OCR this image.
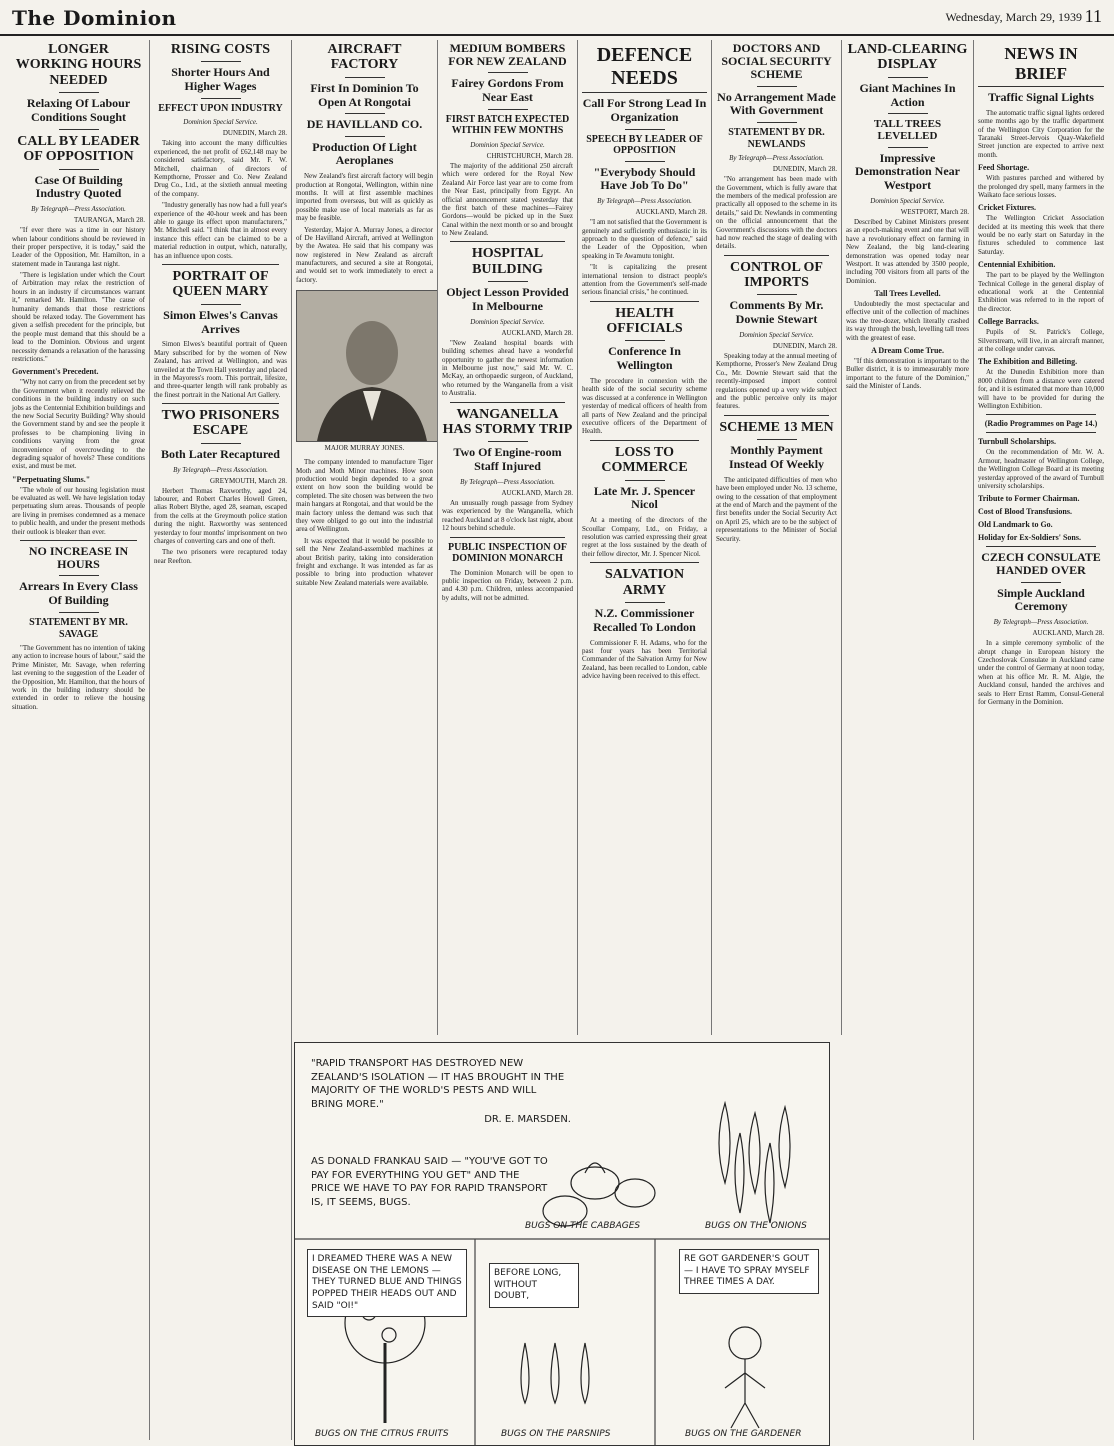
The Dominion	Wednesday, March 29, 1939 11
LONGER WORKING HOURS NEEDED
Relaxing Of Labour Conditions Sought
CALL BY LEADER OF OPPOSITION
Case Of Building Industry Quoted
By Telegraph—Press Association.
TAURANGA, March 28.

"If ever there was a time in our history when labour conditions should be reviewed in their proper perspective, it is today," said the Leader of the Opposition, Mr. Hamilton, in a statement made in Tauranga last night.

"There is legislation under which the Court of Arbitration may relax the restriction of hours in an industry if circumstances warrant it," remarked Mr. Hamilton. "The cause of humanity demands that those restrictions should be relaxed today. The Government has given a selfish precedent for the principle, but the people must demand that this should be a lead to the Dominion. Obvious and urgent necessity demands a relaxation of the harassing restrictions."

Government's Precedent.

"Why not carry on from the precedent set by the Government when it recently relieved the conditions in the building industry on such jobs as the Centennial Exhibition buildings and the new Social Security Building? Why should the Government stand by and see the people it professes to be championing living in conditions varying from the great inconvenience of overcrowding to the degrading squalor of hovels? These conditions exist, and must be met.

"Perpetuating Slums."

"The whole of our housing legislation must be evaluated as well. We have legislation today perpetuating slum areas. Thousands of people are living in premises condemned as a menace to public health, and under the present methods their outlook is bleaker than ever.

NO INCREASE IN HOURS
Arrears In Every Class Of Building
STATEMENT BY MR. SAVAGE

"The Government has no intention of taking any action to increase hours of labour," said the Prime Minister, Mr. Savage, when referring last evening to the suggestion of the Leader of the Opposition, Mr. Hamilton, that the hours of work in the building industry should be extended in order to relieve the housing situation.

RISING COSTS
Shorter Hours And Higher Wages
EFFECT UPON INDUSTRY
Dominion Special Service.
DUNEDIN, March 28.

Taking into account the many difficulties experienced, the net profit of £62,148 may be considered satisfactory, said Mr. F. W. Mitchell, chairman of directors of Kempthorne, Prosser and Co. New Zealand Drug Co., Ltd., at the sixtieth annual meeting of the company.

"Industry generally has now had a full year's experience of the 40-hour week and has been able to gauge its effect upon manufacturers," Mr. Mitchell said. "I think that in almost every instance this effect can be claimed to be a material reduction in output, which, naturally, has an influence upon costs.

PORTRAIT OF QUEEN MARY
Simon Elwes's Canvas Arrives

Simon Elwes's beautiful portrait of Queen Mary subscribed for by the women of New Zealand, has arrived at Wellington, and was unveiled at the Town Hall yesterday and placed in the Mayoress's room. This portrait, lifesize, and three-quarter length will rank probably as the finest portrait in the National Art Gallery.

TWO PRISONERS ESCAPE
Both Later Recaptured
By Telegraph—Press Association.
GREYMOUTH, March 28.

Herbert Thomas Raxworthy, aged 24, labourer, and Robert Charles Howell Green, alias Robert Blythe, aged 28, seaman, escaped from the cells at the Greymouth police station during the night. Raxworthy was sentenced yesterday to four months' imprisonment on two charges of converting cars and one of theft.

The two prisoners were recaptured today near Reefton.

AIRCRAFT FACTORY
First In Dominion To Open At Rongotai
DE HAVILLAND CO.
Production Of Light Aeroplanes

New Zealand's first aircraft factory will begin production at Rongotai, Wellington, within nine months. It will at first assemble machines imported from overseas, but will as quickly as possible make use of local materials as far as may be feasible.

Yesterday, Major A. Murray Jones, a director of De Havilland Aircraft, arrived at Wellington by the Awatea. He said that his company was now registered in New Zealand as aircraft manufacturers, and secured a site at Rongotai, and would set to work immediately to erect a factory.

MAJOR MURRAY JONES.

The company intended to manufacture Tiger Moth and Moth Minor machines. How soon production would begin depended to a great extent on how soon the building would be completed. The site chosen was between the two main hangars at Rongotai, and that would be the main factory unless the demand was such that they were obliged to go out into the industrial area of Wellington.

It was expected that it would be possible to sell the New Zealand-assembled machines at about British parity, taking into consideration freight and exchange. It was intended as far as possible to bring into production whatever suitable New Zealand materials were available.

MEDIUM BOMBERS FOR NEW ZEALAND
Fairey Gordons From Near East
FIRST BATCH EXPECTED WITHIN FEW MONTHS
Dominion Special Service.
CHRISTCHURCH, March 28.

The majority of the additional 250 aircraft which were ordered for the Royal New Zealand Air Force last year are to come from the Near East, principally from Egypt. An official announcement stated yesterday that the first batch of these machines—Fairey Gordons—would be picked up in the Suez Canal within the next month or so and brought to New Zealand.

HOSPITAL BUILDING
Object Lesson Provided In Melbourne
Dominion Special Service.
AUCKLAND, March 28.

"New Zealand hospital boards with building schemes ahead have a wonderful opportunity to gather the newest information in Melbourne just now," said Mr. W. C. McKay, an orthopaedic surgeon, of Auckland, who returned by the Wanganella from a visit to Australia.

WANGANELLA HAS STORMY TRIP
Two Of Engine-room Staff Injured
By Telegraph—Press Association.
AUCKLAND, March 28.

An unusually rough passage from Sydney was experienced by the Wanganella, which reached Auckland at 8 o'clock last night, about 12 hours behind schedule.

PUBLIC INSPECTION OF DOMINION MONARCH

The Dominion Monarch will be open to public inspection on Friday, between 2 p.m. and 4.30 p.m. Children, unless accompanied by adults, will not be admitted.

DEFENCE NEEDS
Call For Strong Lead In Organization
SPEECH BY LEADER OF OPPOSITION
"Everybody Should Have Job To Do"
By Telegraph—Press Association.
AUCKLAND, March 28.

"I am not satisfied that the Government is genuinely and sufficiently enthusiastic in its approach to the question of defence," said the Leader of the Opposition, when speaking in Te Awamutu tonight.

"It is capitalizing the present international tension to distract people's attention from the Government's self-made serious financial crisis," he continued.

HEALTH OFFICIALS
Conference In Wellington

The procedure in connexion with the health side of the social security scheme was discussed at a conference in Wellington yesterday of medical officers of health from all parts of New Zealand and the principal executive officers of the Department of Health.

LOSS TO COMMERCE
Late Mr. J. Spencer Nicol

At a meeting of the directors of the Scoullar Company, Ltd., on Friday, a resolution was carried expressing their great regret at the loss sustained by the death of their fellow director, Mr. J. Spencer Nicol.

SALVATION ARMY
N.Z. Commissioner Recalled To London

Commissioner F. H. Adams, who for the past four years has been Territorial Commander of the Salvation Army for New Zealand, has been recalled to London, cable advice having been received to this effect.

DOCTORS AND SOCIAL SECURITY SCHEME
No Arrangement Made With Government
STATEMENT BY DR. NEWLANDS
By Telegraph—Press Association.
DUNEDIN, March 28.

"No arrangement has been made with the Government, which is fully aware that the members of the medical profession are practically all opposed to the scheme in its details," said Dr. Newlands in commenting on the official announcement that the Government's discussions with the doctors had now reached the stage of dealing with details.

CONTROL OF IMPORTS
Comments By Mr. Downie Stewart
Dominion Special Service.
DUNEDIN, March 28.

Speaking today at the annual meeting of Kempthorne, Prosser's New Zealand Drug Co., Mr. Downie Stewart said that the recently-imposed import control regulations opened up a very wide subject and the public perceive only its major features.

SCHEME 13 MEN
Monthly Payment Instead Of Weekly

The anticipated difficulties of men who have been employed under No. 13 scheme, owing to the cessation of that employment at the end of March and the payment of the first benefits under the Social Security Act on April 25, which are to be the subject of representations to the Minister of Social Security.

LAND-CLEARING DISPLAY
Giant Machines In Action
TALL TREES LEVELLED
Impressive Demonstration Near Westport
Dominion Special Service.
WESTPORT, March 28.

Described by Cabinet Ministers present as an epoch-making event and one that will have a revolutionary effect on farming in New Zealand, the big land-clearing demonstration was opened today near Westport. It was attended by 3500 people, including 700 visitors from all parts of the Dominion.

Tall Trees Levelled.

Undoubtedly the most spectacular and effective unit of the collection of machines was the tree-dozer, which literally crashed its way through the bush, levelling tall trees with the greatest of ease.

A Dream Come True.

"If this demonstration is important to the Buller district, it is to immeasurably more important to the future of the Dominion," said the Minister of Lands.

NEWS IN BRIEF
Traffic Signal Lights

The automatic traffic signal lights ordered some months ago by the traffic department of the Wellington City Corporation for the Taranaki Street-Jervois Quay-Wakefield Street junction are expected to arrive next month.

Feed Shortage.

With pastures parched and withered by the prolonged dry spell, many farmers in the Waikato face serious losses.

Cricket Fixtures.

The Wellington Cricket Association decided at its meeting this week that there would be no early start on Saturday in the fixtures scheduled to commence last Saturday.

Centennial Exhibition.

The part to be played by the Wellington Technical College in the general display of educational work at the Centennial Exhibition was referred to in the report of the director.

College Barracks.

Pupils of St. Patrick's College, Silverstream, will live, in an aircraft manner, at the college under canvas.

The Exhibition and Billeting.

At the Dunedin Exhibition more than 8000 children from a distance were catered for, and it is estimated that more than 10,000 will have to be provided for during the Wellington Exhibition.

(Radio Programmes on Page 14.)
Turnbull Scholarships.

On the recommendation of Mr. W. A. Armour, headmaster of Wellington College, the Wellington College Board at its meeting yesterday approved of the award of Turnbull university scholarships.

Tribute to Former Chairman.
Cost of Blood Transfusions.
Old Landmark to Go.
Holiday for Ex-Soldiers' Sons.
CZECH CONSULATE HANDED OVER
Simple Auckland Ceremony
By Telegraph—Press Association.
AUCKLAND, March 28.

In a simple ceremony symbolic of the abrupt change in European history the Czechoslovak Consulate in Auckland came under the control of Germany at noon today, when at his office Mr. R. M. Algie, the Auckland consul, handed the archives and seals to Herr Ernst Ramm, Consul-General for Germany in the Dominion.

"RAPID TRANSPORT HAS DESTROYED NEW ZEALAND'S ISOLATION — IT HAS BROUGHT IN THE MAJORITY OF THE WORLD'S PESTS AND WILL BRING MORE."
DR. E. MARSDEN.
AS DONALD FRANKAU SAID — "YOU'VE GOT TO PAY FOR EVERYTHING YOU GET" AND THE PRICE WE HAVE TO PAY FOR RAPID TRANSPORT IS, IT SEEMS, BUGS.
I DREAMED THERE WAS A NEW DISEASE ON THE LEMONS — THEY TURNED BLUE AND THINGS POPPED THEIR HEADS OUT AND SAID "OI!"
BEFORE LONG, WITHOUT DOUBT,
RE GOT GARDENER'S GOUT — I HAVE TO SPRAY MYSELF THREE TIMES A DAY.
BUGS ON THE CABBAGES	BUGS ON THE ONIONS
BUGS ON THE CITRUS FRUITS	BUGS ON THE PARSNIPS	BUGS ON THE GARDENER
